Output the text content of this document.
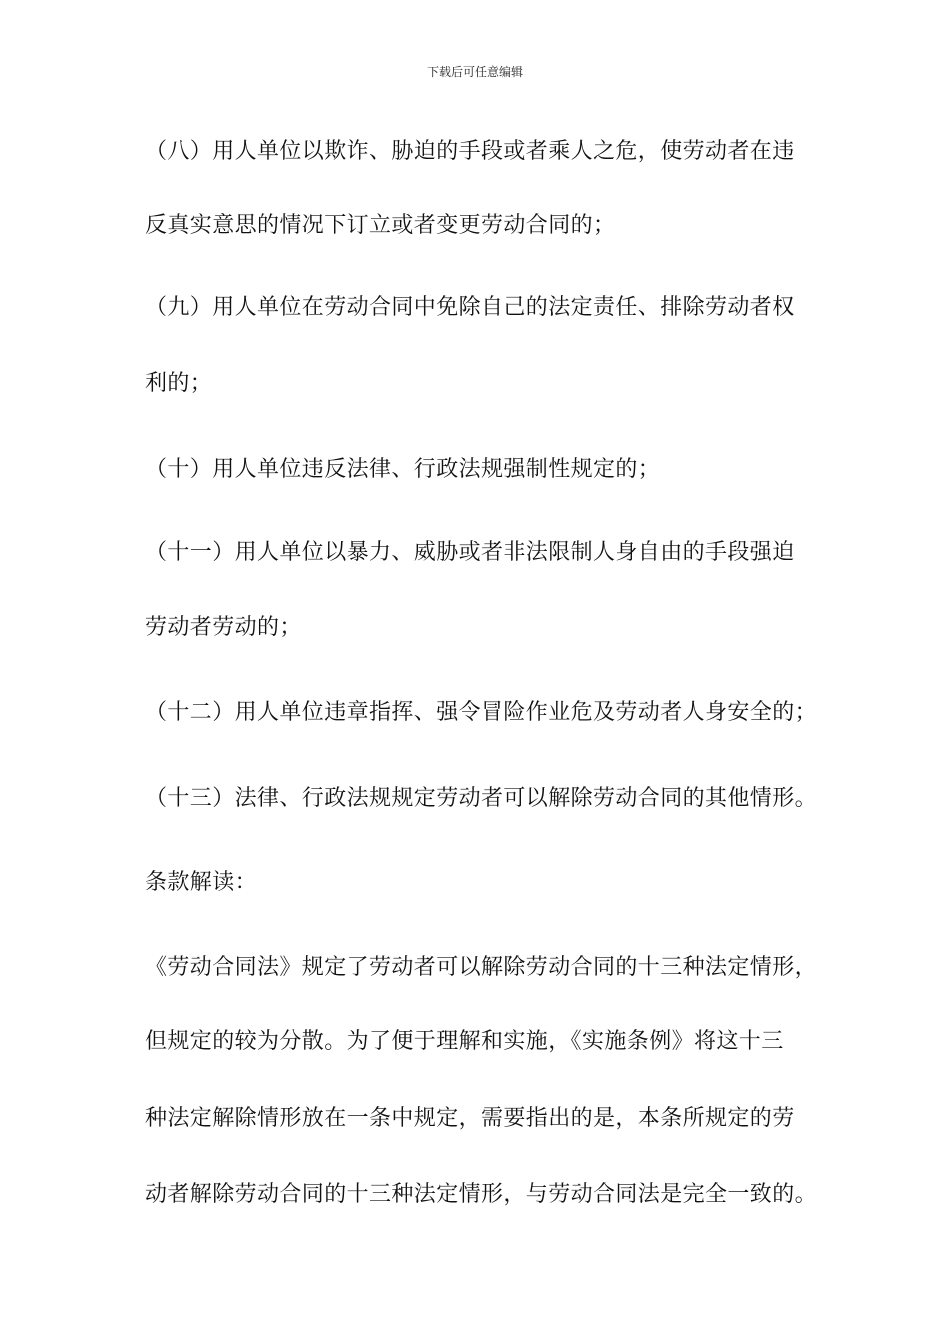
下载后可任意编辑
（八）用人单位以欺诈、胁迫的手段或者乘人之危，使劳动者在违
反真实意思的情况下订立或者变更劳动合同的；
（九）用人单位在劳动合同中免除自己的法定责任、排除劳动者权
利的；
（十）用人单位违反法律、行政法规强制性规定的；
（十一）用人单位以暴力、威胁或者非法限制人身自由的手段强迫
劳动者劳动的；
（十二）用人单位违章指挥、强令冒险作业危及劳动者人身安全的；
（十三）法律、行政法规规定劳动者可以解除劳动合同的其他情形。
条款解读：
《劳动合同法》规定了劳动者可以解除劳动合同的十三种法定情形，
但规定的较为分散。为了便于理解和实施，《实施条例》将这十三
种法定解除情形放在一条中规定，需要指出的是，本条所规定的劳
动者解除劳动合同的十三种法定情形，与劳动合同法是完全一致的。
